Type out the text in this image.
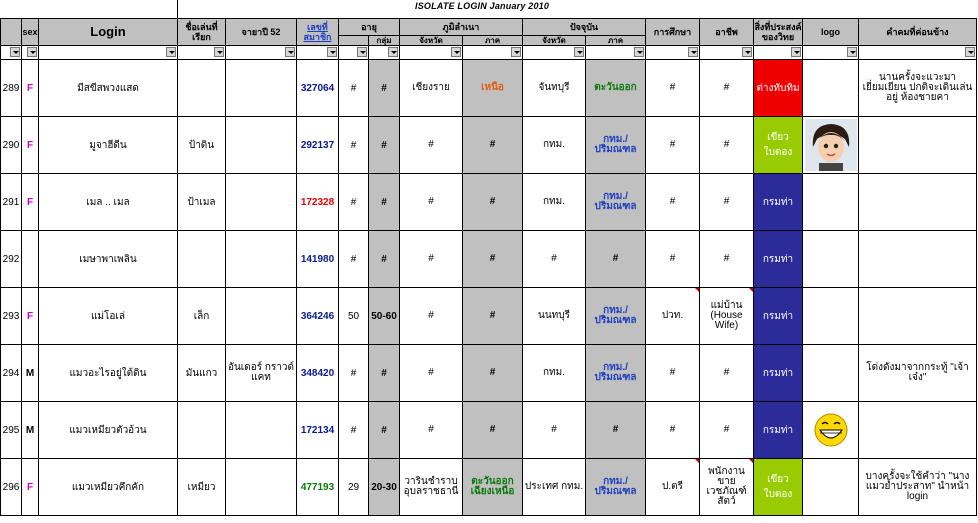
ISOLATE LOGIN January 2010
	sex	Login	ชื่อเล่นที่เรียก	จายาปี 52	เลขที่สมาชิก	อายุ		ภูมิลำเนา		ปัจจุบัน		การศึกษา	อาชีพ	สิ่งที่ประสงค์ของวิทย	logo	คำคมที่ค่อนข้าง
							กลุ่ม	จังหวัด	ภาค	จังหวัด	ภาค					

289	F	มีสขีสพวงแสด			327064	#	#	เชียงราย	เหนือ	จันทบุรี	ตะวันออก	#	#	ต่างทับทิม		นานครั้งจะแวะมาเยี่ยมเยียน ปกติจะเดินเล่นอยู่ ห้องชายคา
290	F	มูจาฮีดีน	ป้าดิน		292137	#	#	#	#	กทม.	กทม./ปริมณฑล	#	#	เขียวใบตอง	

291	F	เมล .. เมล	ป้าเมล		172328	#	#	#	#	กทม.	กทม./ปริมณฑล	#	#	กรมท่า		
292		เมษาพาเพลิน			141980	#	#	#	#	#	#	#	#	กรมท่า		
293	F	แม่โอเล่	เล็ก		364246	50	50-60	#	#	นนทบุรี	กทม./ปริมณฑล	ปวท.	แม่บ้าน (House Wife)	กรมท่า		
294	M	แมวอะไรอยู่ใต้ดิน	มันแกว	อันเดอร์ กราวด์แคท	348420	#	#	#	#	กทม.	กทม./ปริมณฑล	#	#	กรมท่า		โด่งดังมาจากกระทู้ "เจ้าเจ๋ง"
295	M	แมวเหมียวตัวอ้วน			172134	#	#	#	#	#	#	#	#	กรมท่า	

296	F	แมวเหมียวคึกคัก	เหมียว		477193	29	20-30	วารินชำราบ อุบลราชธานี	ตะวันออกเฉียงเหนือ	ประเทศ กทม.	กทม./ปริมณฑล	ป.ตรี	พนักงานขาย เวชภัณฑ์สัตว์	เขียวใบตอง		บางครั้งจะใช้คำว่า "นางแมวย้ำประสาท" นำหน้า login
